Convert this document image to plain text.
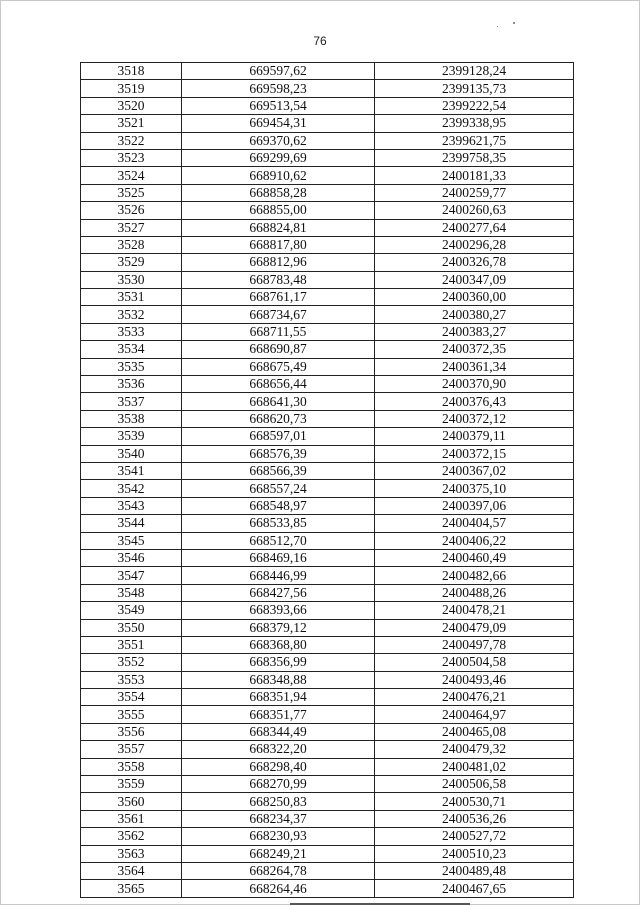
76
3518	669597,62	2399128,24
3519	669598,23	2399135,73
3520	669513,54	2399222,54
3521	669454,31	2399338,95
3522	669370,62	2399621,75
3523	669299,69	2399758,35
3524	668910,62	2400181,33
3525	668858,28	2400259,77
3526	668855,00	2400260,63
3527	668824,81	2400277,64
3528	668817,80	2400296,28
3529	668812,96	2400326,78
3530	668783,48	2400347,09
3531	668761,17	2400360,00
3532	668734,67	2400380,27
3533	668711,55	2400383,27
3534	668690,87	2400372,35
3535	668675,49	2400361,34
3536	668656,44	2400370,90
3537	668641,30	2400376,43
3538	668620,73	2400372,12
3539	668597,01	2400379,11
3540	668576,39	2400372,15
3541	668566,39	2400367,02
3542	668557,24	2400375,10
3543	668548,97	2400397,06
3544	668533,85	2400404,57
3545	668512,70	2400406,22
3546	668469,16	2400460,49
3547	668446,99	2400482,66
3548	668427,56	2400488,26
3549	668393,66	2400478,21
3550	668379,12	2400479,09
3551	668368,80	2400497,78
3552	668356,99	2400504,58
3553	668348,88	2400493,46
3554	668351,94	2400476,21
3555	668351,77	2400464,97
3556	668344,49	2400465,08
3557	668322,20	2400479,32
3558	668298,40	2400481,02
3559	668270,99	2400506,58
3560	668250,83	2400530,71
3561	668234,37	2400536,26
3562	668230,93	2400527,72
3563	668249,21	2400510,23
3564	668264,78	2400489,48
3565	668264,46	2400467,65
